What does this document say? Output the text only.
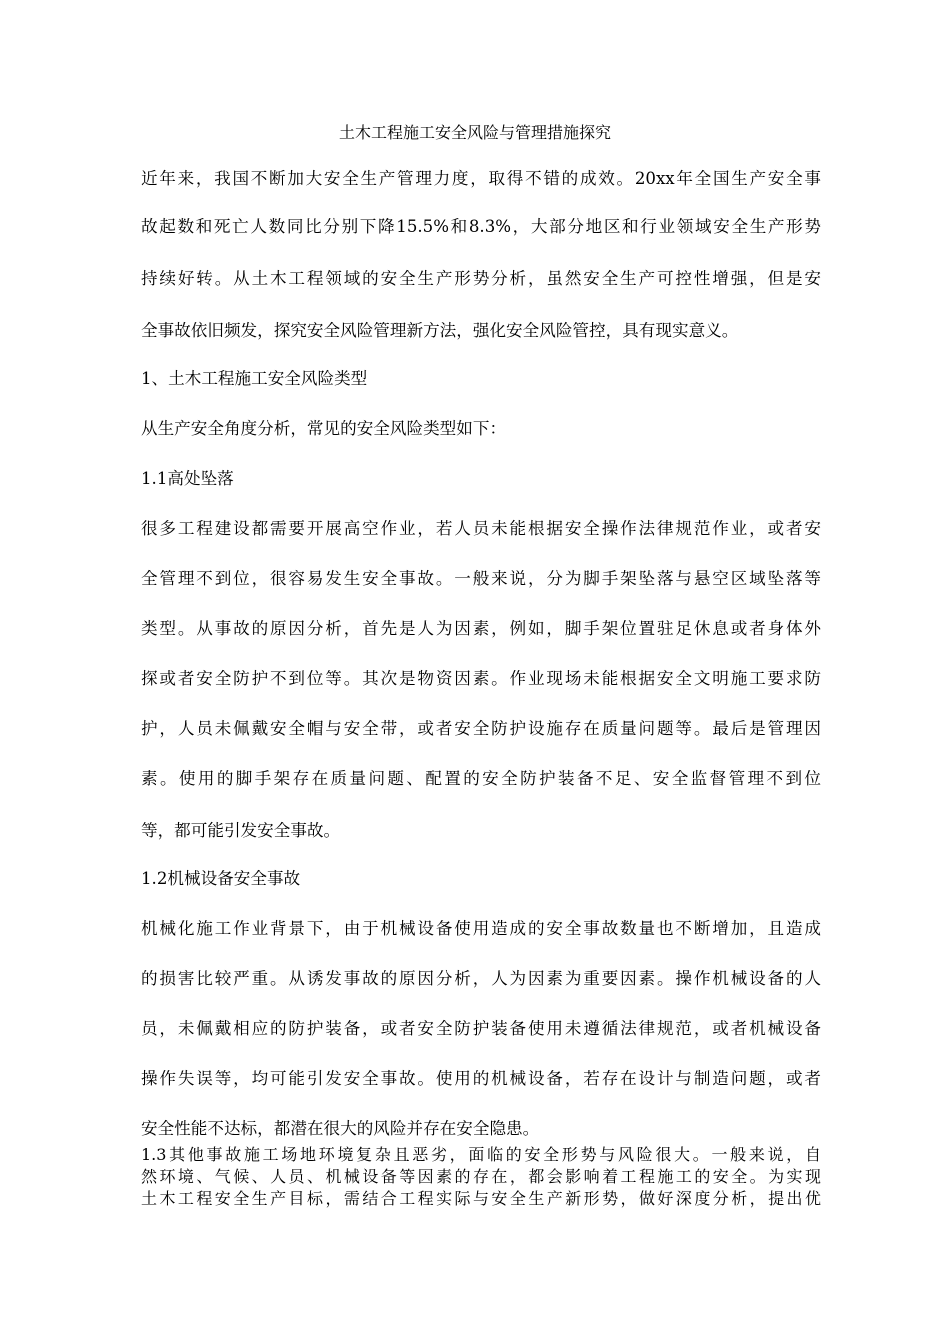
土木工程施工安全风险与管理措施探究
近年来，我国不断加大安全生产管理力度，取得不错的成效。20xx年全国生产安全事
故起数和死亡人数同比分别下降15.5%和8.3%，大部分地区和行业领域安全生产形势
持续好转。从土木工程领域的安全生产形势分析，虽然安全生产可控性增强，但是安
全事故依旧频发，探究安全风险管理新方法，强化安全风险管控，具有现实意义。
1、土木工程施工安全风险类型
从生产安全角度分析，常见的安全风险类型如下：
1.1高处坠落
很多工程建设都需要开展高空作业，若人员未能根据安全操作法律规范作业，或者安
全管理不到位，很容易发生安全事故。一般来说，分为脚手架坠落与悬空区域坠落等
类型。从事故的原因分析，首先是人为因素，例如，脚手架位置驻足休息或者身体外
探或者安全防护不到位等。其次是物资因素。作业现场未能根据安全文明施工要求防
护，人员未佩戴安全帽与安全带，或者安全防护设施存在质量问题等。最后是管理因
素。使用的脚手架存在质量问题、配置的安全防护装备不足、安全监督管理不到位
等，都可能引发安全事故。
1.2机械设备安全事故
机械化施工作业背景下，由于机械设备使用造成的安全事故数量也不断增加，且造成
的损害比较严重。从诱发事故的原因分析，人为因素为重要因素。操作机械设备的人
员，未佩戴相应的防护装备，或者安全防护装备使用未遵循法律规范，或者机械设备
操作失误等，均可能引发安全事故。使用的机械设备，若存在设计与制造问题，或者
安全性能不达标，都潜在很大的风险并存在安全隐患。
1.3其他事故施工场地环境复杂且恶劣，面临的安全形势与风险很大。一般来说，自
然环境、气候、人员、机械设备等因素的存在，都会影响着工程施工的安全。为实现
土木工程安全生产目标，需结合工程实际与安全生产新形势，做好深度分析，提出优
